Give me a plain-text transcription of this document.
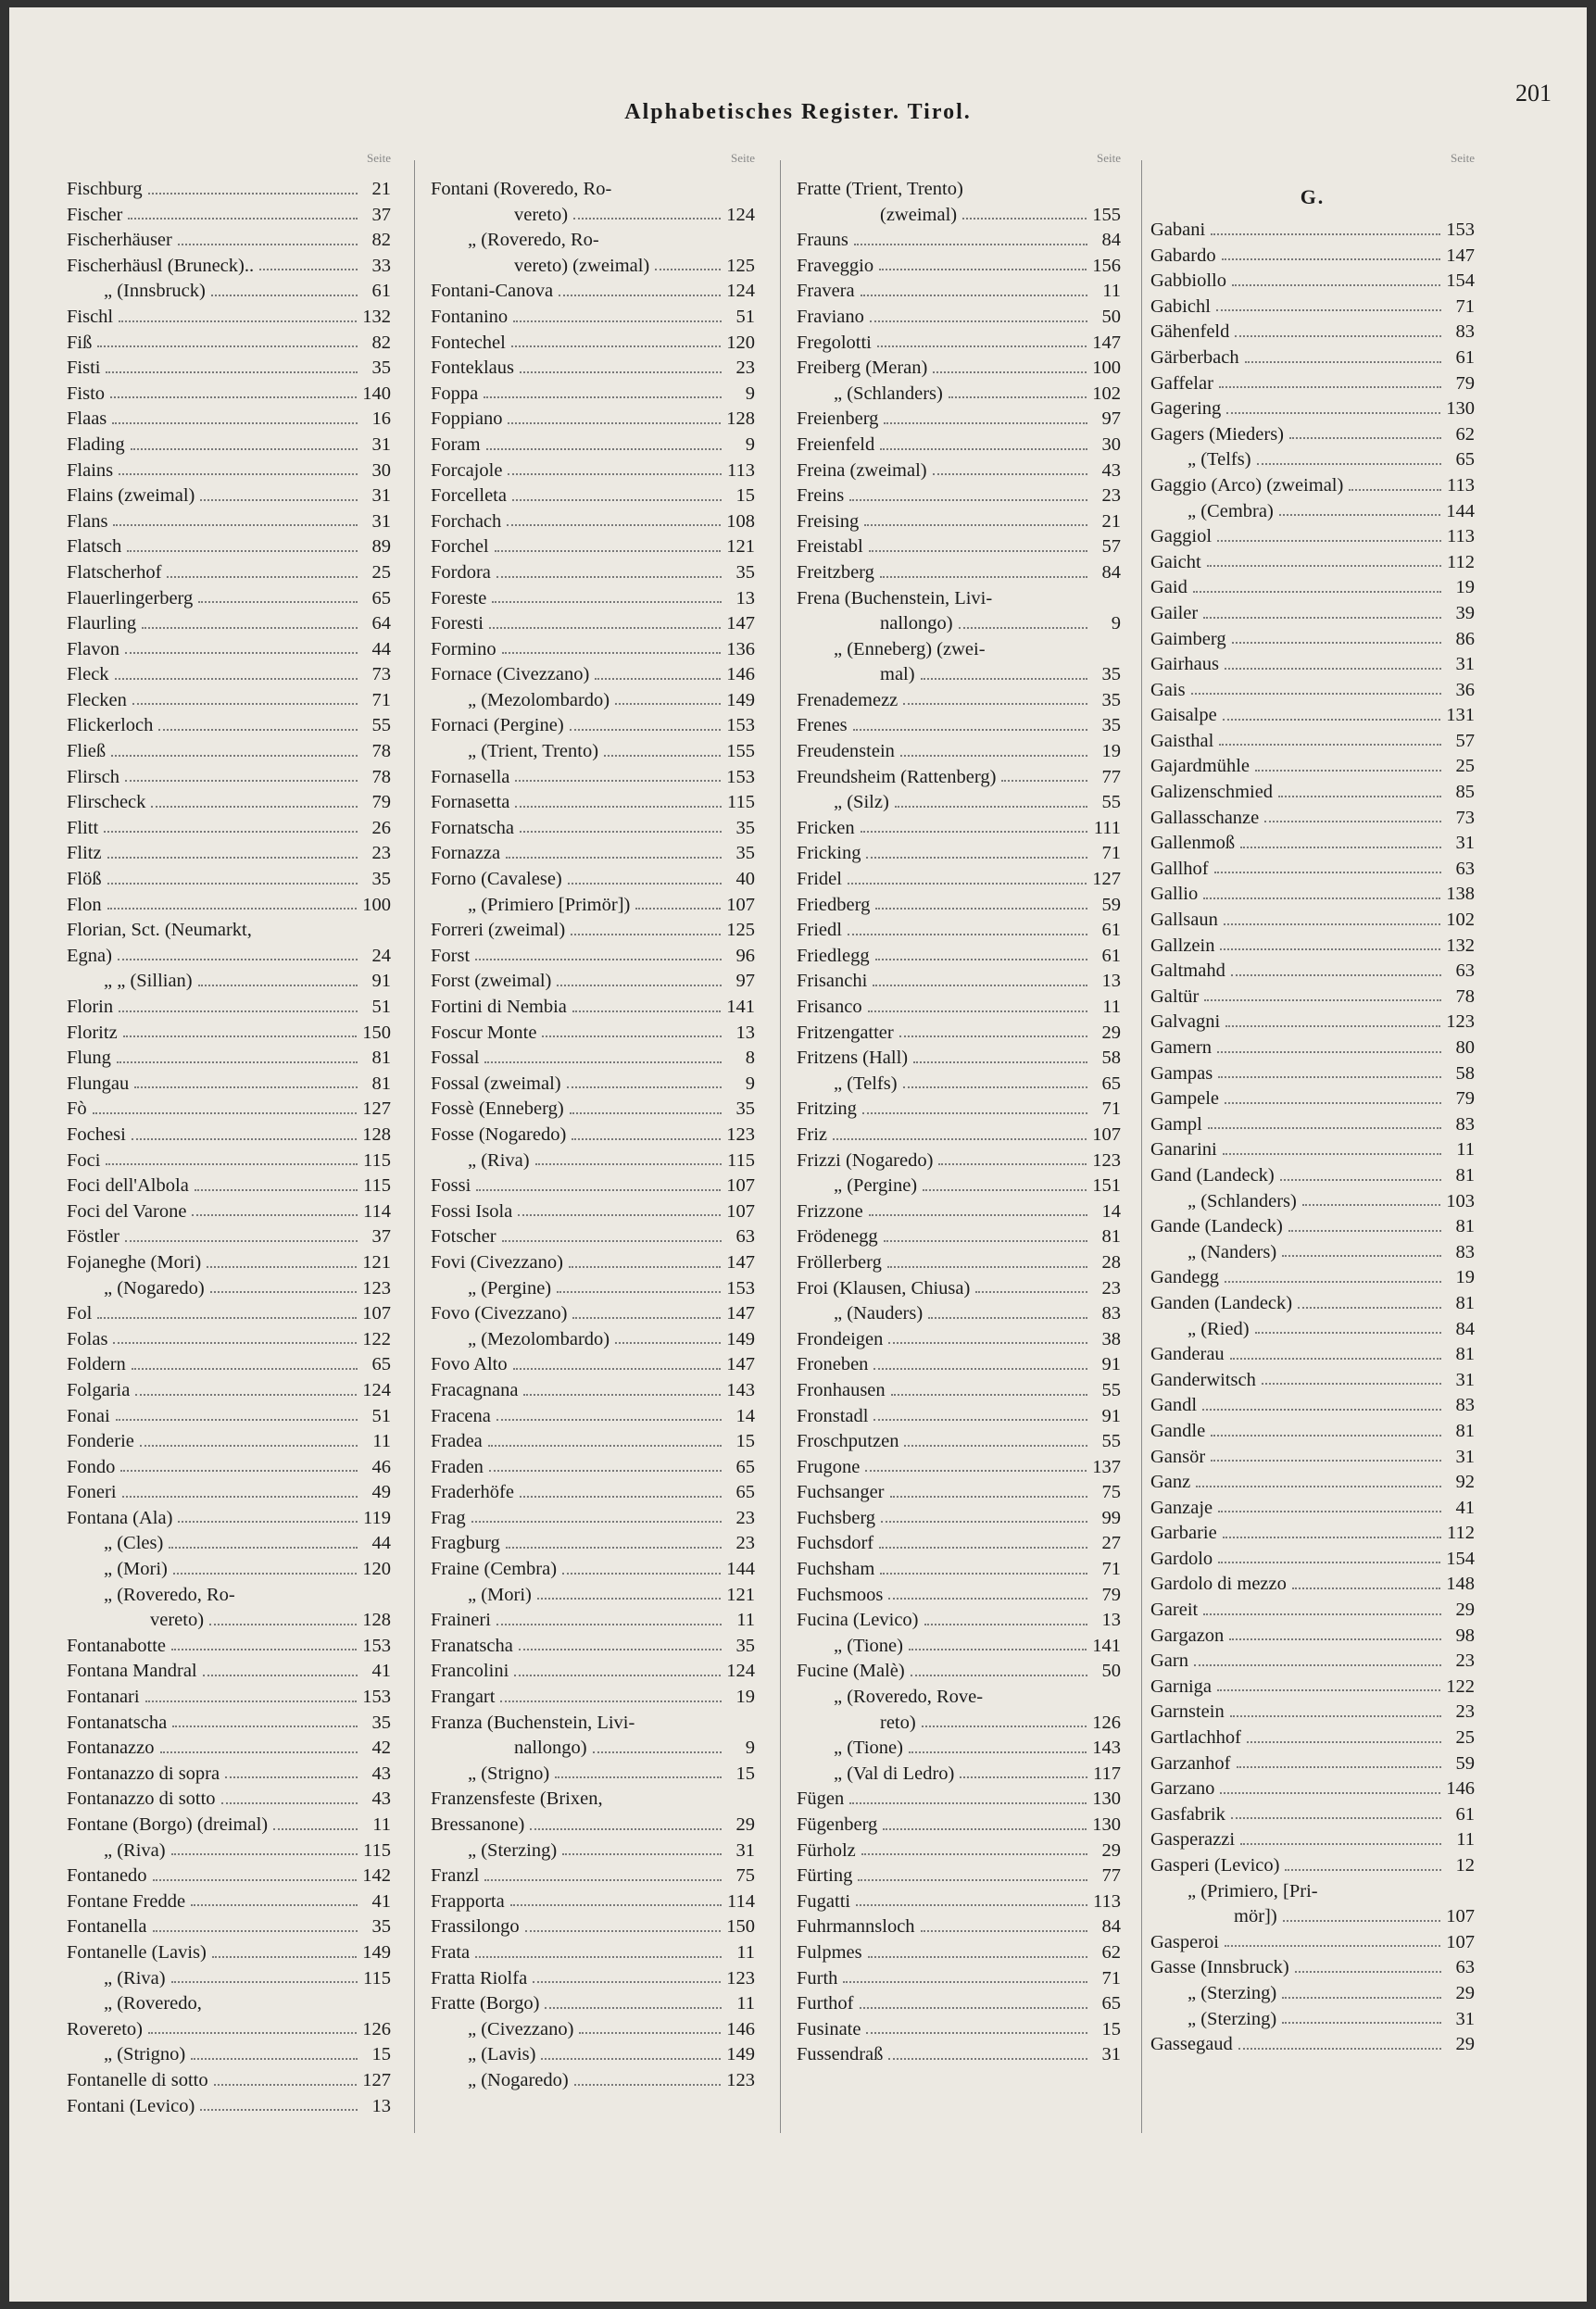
201
Alphabetisches Register. Tirol.
Seite
Fischburg	21
Fischer	37
Fischerhäuser	82
Fischerhäusl (Bruneck)..	33
„ (Innsbruck)	61
Fischl	132
Fiß	82
Fisti	35
Fisto	140
Flaas	16
Flading	31
Flains	30
Flains (zweimal)	31
Flans	31
Flatsch	89
Flatscherhof	25
Flauerlingerberg	65
Flaurling	64
Flavon	44
Fleck	73
Flecken	71
Flickerloch	55
Fließ	78
Flirsch	78
Flirscheck	79
Flitt	26
Flitz	23
Flöß	35
Flon	100
Florian, Sct. (Neumarkt,
Egna)	24
„ „ (Sillian)	91
Florin	51
Floritz	150
Flung	81
Flungau	81
Fò	127
Fochesi	128
Foci	115
Foci dell'Albola	115
Foci del Varone	114
Föstler	37
Fojaneghe (Mori)	121
„ (Nogaredo)	123
Fol	107
Folas	122
Foldern	65
Folgaria	124
Fonai	51
Fonderie	11
Fondo	46
Foneri	49
Fontana (Ala)	119
„ (Cles)	44
„ (Mori)	120
„ (Roveredo, Ro-
vereto)	128
Fontanabotte	153
Fontana Mandral	41
Fontanari	153
Fontanatscha	35
Fontanazzo	42
Fontanazzo di sopra	43
Fontanazzo di sotto	43
Fontane (Borgo) (dreimal)	11
„ (Riva)	115
Fontanedo	142
Fontane Fredde	41
Fontanella	35
Fontanelle (Lavis)	149
„ (Riva)	115
„ (Roveredo,
Rovereto)	126
„ (Strigno)	15
Fontanelle di sotto	127
Fontani (Levico)	13
Seite
Fontani (Roveredo, Ro-
vereto)	124
„ (Roveredo, Ro-
vereto) (zweimal)	125
Fontani-Canova	124
Fontanino	51
Fontechel	120
Fonteklaus	23
Foppa	9
Foppiano	128
Foram	9
Forcajole	113
Forcelleta	15
Forchach	108
Forchel	121
Fordora	35
Foreste	13
Foresti	147
Formino	136
Fornace (Civezzano)	146
„ (Mezolombardo)	149
Fornaci (Pergine)	153
„ (Trient, Trento)	155
Fornasella	153
Fornasetta	115
Fornatscha	35
Fornazza	35
Forno (Cavalese)	40
„ (Primiero [Primör])	107
Forreri (zweimal)	125
Forst	96
Forst (zweimal)	97
Fortini di Nembia	141
Foscur Monte	13
Fossal	8
Fossal (zweimal)	9
Fossè (Enneberg)	35
Fosse (Nogaredo)	123
„ (Riva)	115
Fossi	107
Fossi Isola	107
Fotscher	63
Fovi (Civezzano)	147
„ (Pergine)	153
Fovo (Civezzano)	147
„ (Mezolombardo)	149
Fovo Alto	147
Fracagnana	143
Fracena	14
Fradea	15
Fraden	65
Fraderhöfe	65
Frag	23
Fragburg	23
Fraine (Cembra)	144
„ (Mori)	121
Fraineri	11
Franatscha	35
Francolini	124
Frangart	19
Franza (Buchenstein, Livi-
nallongo)	9
„ (Strigno)	15
Franzensfeste (Brixen,
Bressanone)	29
„ (Sterzing)	31
Franzl	75
Frapporta	114
Frassilongo	150
Frata	11
Fratta Riolfa	123
Fratte (Borgo)	11
„ (Civezzano)	146
„ (Lavis)	149
„ (Nogaredo)	123
Seite
Fratte (Trient, Trento)
(zweimal)	155
Frauns	84
Fraveggio	156
Fravera	11
Fraviano	50
Fregolotti	147
Freiberg (Meran)	100
„ (Schlanders)	102
Freienberg	97
Freienfeld	30
Freina (zweimal)	43
Freins	23
Freising	21
Freistabl	57
Freitzberg	84
Frena (Buchenstein, Livi-
nallongo)	9
„ (Enneberg) (zwei-
mal)	35
Frenademezz	35
Frenes	35
Freudenstein	19
Freundsheim (Rattenberg)	77
„ (Silz)	55
Fricken	111
Fricking	71
Fridel	127
Friedberg	59
Friedl	61
Friedlegg	61
Frisanchi	13
Frisanco	11
Fritzengatter	29
Fritzens (Hall)	58
„ (Telfs)	65
Fritzing	71
Friz	107
Frizzi (Nogaredo)	123
„ (Pergine)	151
Frizzone	14
Frödenegg	81
Fröllerberg	28
Froi (Klausen, Chiusa)	23
„ (Nauders)	83
Frondeigen	38
Froneben	91
Fronhausen	55
Fronstadl	91
Froschputzen	55
Frugone	137
Fuchsanger	75
Fuchsberg	99
Fuchsdorf	27
Fuchsham	71
Fuchsmoos	79
Fucina (Levico)	13
„ (Tione)	141
Fucine (Malè)	50
„ (Roveredo, Rove-
reto)	126
„ (Tione)	143
„ (Val di Ledro)	117
Fügen	130
Fügenberg	130
Fürholz	29
Fürting	77
Fugatti	113
Fuhrmannsloch	84
Fulpmes	62
Furth	71
Furthof	65
Fusinate	15
Fussendraß	31
Seite
G.
Gabani	153
Gabardo	147
Gabbiollo	154
Gabichl	71
Gähenfeld	83
Gärberbach	61
Gaffelar	79
Gagering	130
Gagers (Mieders)	62
„ (Telfs)	65
Gaggio (Arco) (zweimal)	113
„ (Cembra)	144
Gaggiol	113
Gaicht	112
Gaid	19
Gailer	39
Gaimberg	86
Gairhaus	31
Gais	36
Gaisalpe	131
Gaisthal	57
Gajardmühle	25
Galizenschmied	85
Gallasschanze	73
Gallenmoß	31
Gallhof	63
Gallio	138
Gallsaun	102
Gallzein	132
Galtmahd	63
Galtür	78
Galvagni	123
Gamern	80
Gampas	58
Gampele	79
Gampl	83
Ganarini	11
Gand (Landeck)	81
„ (Schlanders)	103
Gande (Landeck)	81
„ (Nanders)	83
Gandegg	19
Ganden (Landeck)	81
„ (Ried)	84
Ganderau	81
Ganderwitsch	31
Gandl	83
Gandle	81
Gansör	31
Ganz	92
Ganzaje	41
Garbarie	112
Gardolo	154
Gardolo di mezzo	148
Gareit	29
Gargazon	98
Garn	23
Garniga	122
Garnstein	23
Gartlachhof	25
Garzanhof	59
Garzano	146
Gasfabrik	61
Gasperazzi	11
Gasperi (Levico)	12
„ (Primiero, [Pri-
mör])	107
Gasperoi	107
Gasse (Innsbruck)	63
„ (Sterzing)	29
„ (Sterzing)	31
Gassegaud	29
